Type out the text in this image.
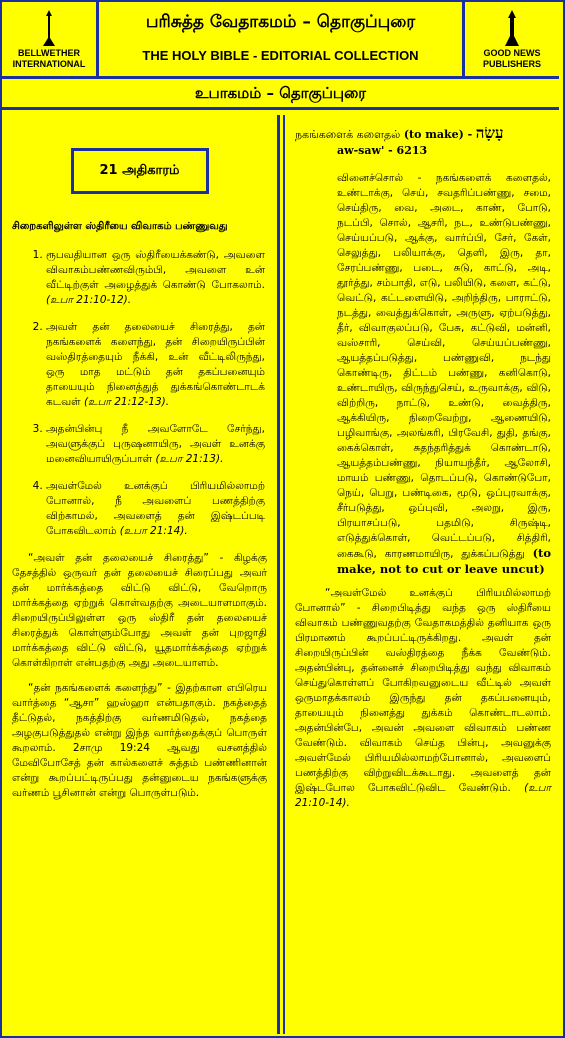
BELLWETHER INTERNATIONAL
பரிசுத்த வேதாகமம் – தொகுப்புரை
THE HOLY BIBLE - EDITORIAL COLLECTION	GOOD NEWS PUBLISHERS
உபாகமம் – தொகுப்புரை
21 அதிகாரம்
சிறைகளிலுள்ள ஸ்திரீயை விவாகம் பண்ணுவது
1. ரூபவதியான ஒரு ஸ்திரீயைக்கண்டு, அவளை விவாகம்பண்ணவிரும்பி, அவளை உன் வீட்டிற்குள் அழைத்துக் கொண்டு போகலாம். (உபா 21:10-12).
2. அவள் தன் தலையைச் சிரைத்து, தன் நகங்களைக் களைந்து, தன் சிறையிருப்பின் வஸ்திரத்தையும் நீக்கி, உன் வீட்டிலிருந்து, ஒரு மாத மட்டும் தன் தகப்பனையும் தாயையும் நினைத்துத் துக்கங்கொண்டாடக் கடவள் (உபா 21:12-13).
3. அதன்பின்பு நீ அவளோடே சேர்ந்து, அவளுக்குப் புருஷனாயிரு, அவள் உனக்கு மனைவியாயிருப்பாள் (உபா 21:13).
4. அவள்மேல் உனக்குப் பிரியமில்லாமற் போனால், நீ அவளைப் பணத்திற்கு விற்காமல், அவளைத் தன் இஷ்டப்படி போகவிடலாம் (உபா 21:14).

“அவள் தன் தலையைச் சிரைத்து” - கிழக்கு தேசத்தில் ஒருவர் தன் தலையைச் சிரைப்பது அவர் தன் மார்க்கத்தை விட்டு விட்டு, வேறொரு மார்க்கத்தை ஏற்றுக் கொள்வதற்கு அடையாளமாகும். சிறையிருப்பிலுள்ள ஒரு ஸ்திரீ தன் தலையைச் சிரைத்துக் கொள்ளும்போது அவள் தன் புறஜாதி மார்க்கத்தை விட்டு விட்டு, யூதமார்க்கத்தை ஏற்றுக் கொள்கிறாள் என்பதற்கு அது அடையாளம்.

“தன் நகங்களைக் களைந்து” - இதற்கான எபிரெய வார்த்தை “ஆசா” ஹஸ்ஹா என்பதாகும். நகத்தைத் தீட்டுதல், நகத்திற்கு வர்ணமிடுதல், நகத்தை அழகுபடுத்துதல் என்று இந்த வார்த்தைக்குப் பொருள் கூறலாம். 2சாமு 19:24 ஆவது வசனத்தில் மேவிபோசேத் தன் கால்களைச் சுத்தம் பண்ணினான் என்று கூறப்பட்டிருப்பது தன்னுடைய நகங்களுக்கு வர்ணம் பூசினான் என்று பொருள்படும்.

நகங்களைக் களைதல் (to make) - עָשָׂה
aw-saw' - 6213
வினைச்சொல் - நகங்களைக் களைதல், உண்டாக்கு, செய், சவதரிப்பண்ணு, சமை, செய்திரு, வை, அடை, காண், போடு, நடப்பி, சொல், ஆசரி, நட, உண்டுபண்ணு, செய்யப்படு, ஆக்கு, வார்ப்பி, சேர், கேள், செலுத்து, பலியாக்கு, தெளி, இரு, தா, சேரப்பண்ணு, படை, சுடு, காட்டு, அடி, தூர்த்து, சம்பாதி, எடு, பலியிடு, களை, கட்டு, வெட்டு, கட்டளையிடு, அறிந்திரு, பாராட்டு, நடத்து, வைத்துக்கொள், அருளு, ஏற்படுத்து, தீர், விவாகுலப்படு, பேசு, கட்டுவி, மன்னி, வஸ்சாரி, செய்வி, செய்யப்பண்ணு, ஆயத்தப்படுத்து, பண்ணுவி, நடந்து கொண்டிரு, திட்டம் பண்ணு, கனிகொடு, உண்டாயிரு, விருந்துசெய், உருவாக்கு, விடு, விற்றிரு, நாட்டு, உண்டு, வைத்திரு, ஆக்கியிரு, நிறைவேற்று, ஆணையிடு, பழிவாங்கு, அலங்கரி, பிரவேசி, துதி, தங்கு, கைக்கொள், சுதந்தரித்துக் கொண்டாடு, ஆயத்தம்பண்ணு, நியாயந்தீர், ஆலோசி, மாயம் பண்ணு, தொடப்படு, கொண்டுபோ, நெய், பெறு, பண்டிகை, மூடு, ஒப்புரவாக்கு, சீர்படுத்து, ஒப்புவி, அலறு, இரு, பிரயாசப்படு, பதமிடு, சிருஷ்டி, எடுத்துக்கொள், வெட்டப்படு, சித்திரி, கைகூடு, காரணமாயிரு, துக்கப்படுத்து (to make, not to cut or leave uncut)

“அவள்மேல் உனக்குப் பிரியமில்லாமற் போனால்” - சிறைபிடித்து வந்த ஒரு ஸ்திரீயை விவாகம் பண்ணுவதற்கு வேதாகமத்தில் தனியாக ஒரு பிரமாணம் கூறப்பட்டிருக்கிறது. அவள் தன் சிறையிருப்பின் வஸ்திரத்தை நீக்க வேண்டும். அதன்பின்பு, தன்னைச் சிறைபிடித்து வந்து விவாகம் செய்துகொள்ளப் போகிறவனுடைய வீட்டில் அவள் ஒருமாதக்காலம் இருந்து தன் தகப்பனையும், தாயையும் நினைத்து துக்கம் கொண்டாடலாம். அதன்பின்பே, அவன் அவளை விவாகம் பண்ண வேண்டும். விவாகம் செய்த பின்பு, அவனுக்கு அவள்மேல் பிரியமில்லாமற்போனால், அவளைப் பணத்திற்கு விற்றுவிடக்கூடாது. அவளைத் தன் இஷ்டபோல போகவிட்டுவிட வேண்டும். (உபா 21:10-14).
